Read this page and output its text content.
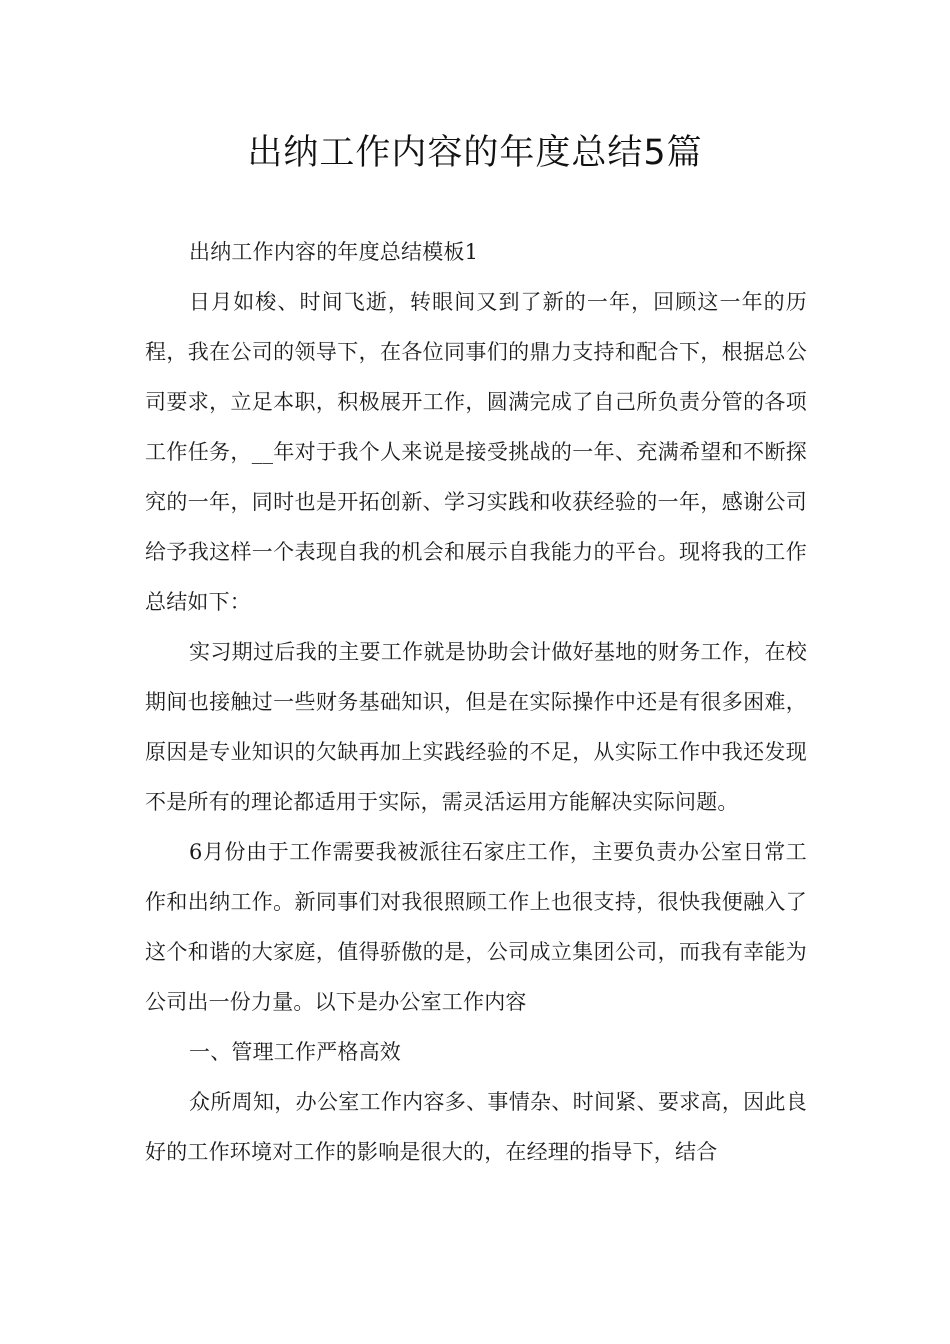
出纳工作内容的年度总结5篇

出纳工作内容的年度总结模板1

日月如梭、时间飞逝，转眼间又到了新的一年，回顾这一年的历程，我在公司的领导下，在各位同事们的鼎力支持和配合下，根据总公司要求，立足本职，积极展开工作，圆满完成了自己所负责分管的各项工作任务，__年对于我个人来说是接受挑战的一年、充满希望和不断探究的一年，同时也是开拓创新、学习实践和收获经验的一年，感谢公司给予我这样一个表现自我的机会和展示自我能力的平台。现将我的工作总结如下：

实习期过后我的主要工作就是协助会计做好基地的财务工作，在校期间也接触过一些财务基础知识，但是在实际操作中还是有很多困难，原因是专业知识的欠缺再加上实践经验的不足，从实际工作中我还发现不是所有的理论都适用于实际，需灵活运用方能解决实际问题。

6月份由于工作需要我被派往石家庄工作，主要负责办公室日常工作和出纳工作。新同事们对我很照顾工作上也很支持，很快我便融入了这个和谐的大家庭，值得骄傲的是，公司成立集团公司，而我有幸能为公司出一份力量。以下是办公室工作内容

一、管理工作严格高效

众所周知，办公室工作内容多、事情杂、时间紧、要求高，因此良好的工作环境对工作的影响是很大的，在经理的指导下，结合
